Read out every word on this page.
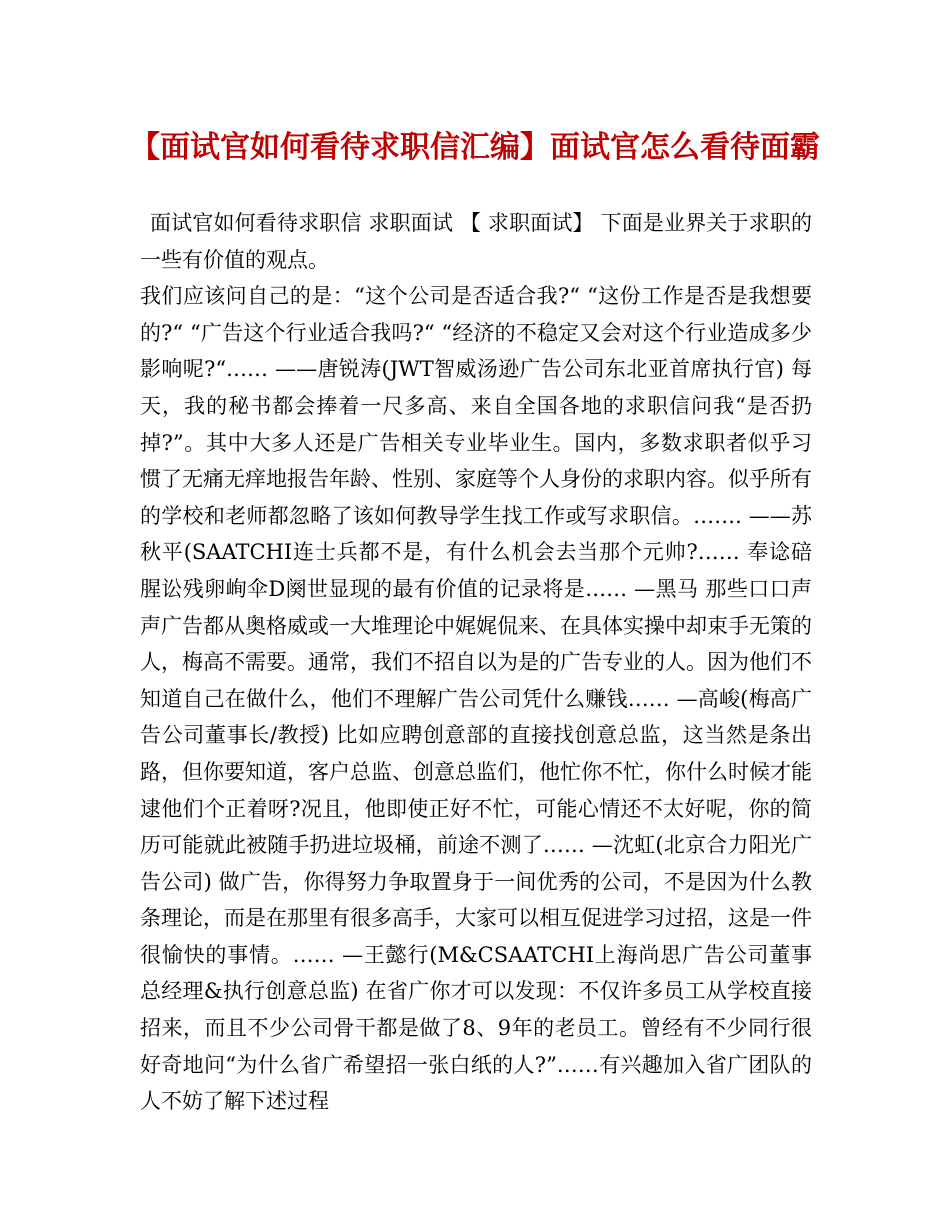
【面试官如何看待求职信汇编】面试官怎么看待面霸

面试官如何看待求职信 求职面试 【 求职面试】 下面是业界关于求职的一些有价值的观点。

我们应该问自己的是：“这个公司是否适合我?“ “这份工作是否是我想要的?“ “广告这个行业适合我吗?“ “经济的不稳定又会对这个行业造成多少影响呢?“…… ——唐锐涛(JWT智威汤逊广告公司东北亚首席执行官) 每天，我的秘书都会捧着一尺多高、来自全国各地的求职信问我“是否扔掉?”。其中大多人还是广告相关专业毕业生。国内，多数求职者似乎习惯了无痛无痒地报告年龄、性别、家庭等个人身份的求职内容。似乎所有的学校和老师都忽略了该如何教导学生找工作或写求职信。……. ——苏秋平(SAATCHI连士兵都不是，有什么机会去当那个元帅?…… 奉谂碚腥讼残卵峋伞D阕世显现的最有价值的记录将是…… —黑马 那些口口声声广告都从奥格威或一大堆理论中娓娓侃来、在具体实操中却束手无策的人，梅高不需要。通常，我们不招自以为是的广告专业的人。因为他们不知道自己在做什么，他们不理解广告公司凭什么赚钱…… —高峻(梅高广告公司董事长/教授) 比如应聘创意部的直接找创意总监，这当然是条出路，但你要知道，客户总监、创意总监们，他忙你不忙，你什么时候才能逮他们个正着呀?况且，他即使正好不忙，可能心情还不太好呢，你的简历可能就此被随手扔进垃圾桶，前途不测了…… —沈虹(北京合力阳光广告公司) 做广告，你得努力争取置身于一间优秀的公司，不是因为什么教条理论，而是在那里有很多高手，大家可以相互促进学习过招，这是一件很愉快的事情。…… —王懿行(M&CSAATCHI上海尚思广告公司董事总经理&执行创意总监) 在省广你才可以发现：不仅许多员工从学校直接招来，而且不少公司骨干都是做了8、9年的老员工。曾经有不少同行很好奇地问“为什么省广希望招一张白纸的人?”……有兴趣加入省广团队的人不妨了解下述过程
